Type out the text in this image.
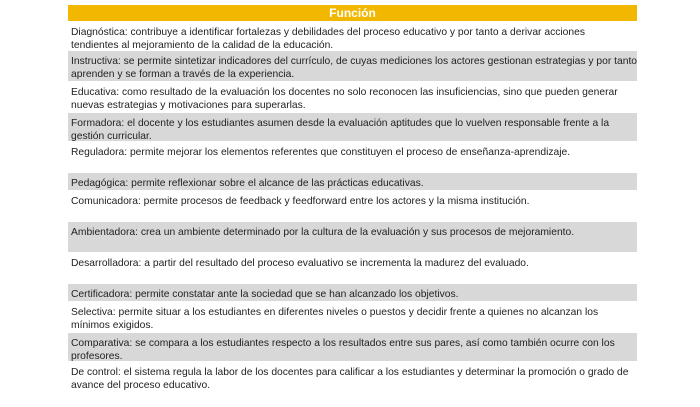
Función
Diagnóstica: contribuye a identificar fortalezas y debilidades del proceso educativo y por tanto a derivar acciones
tendientes al mejoramiento de la calidad de la educación.
Instructiva: se permite sintetizar indicadores del currículo, de cuyas mediciones los actores gestionan estrategias y por tanto
aprenden y se forman a través de la experiencia.
Educativa: como resultado de la evaluación los docentes no solo reconocen las insuficiencias, sino que pueden generar
nuevas estrategias y motivaciones para superarlas.
Formadora: el docente y los estudiantes asumen desde la evaluación aptitudes que lo vuelven responsable frente a la
gestión curricular.
Reguladora: permite mejorar los elementos referentes que constituyen el proceso de enseñanza-aprendizaje.
Pedagógica: permite reflexionar sobre el alcance de las prácticas educativas.
Comunicadora: permite procesos de feedback y feedforward entre los actores y la misma institución.
Ambientadora: crea un ambiente determinado por la cultura de la evaluación y sus procesos de mejoramiento.
Desarrolladora: a partir del resultado del proceso evaluativo se incrementa la madurez del evaluado.
Certificadora: permite constatar ante la sociedad que se han alcanzado los objetivos.
Selectiva: permite situar a los estudiantes en diferentes niveles o puestos y decidir frente a quienes no alcanzan los
mínimos exigidos.
Comparativa: se compara a los estudiantes respecto a los resultados entre sus pares, así como también ocurre con los
profesores.
De control: el sistema regula la labor de los docentes para calificar a los estudiantes y determinar la promoción o grado de
avance del proceso educativo.
